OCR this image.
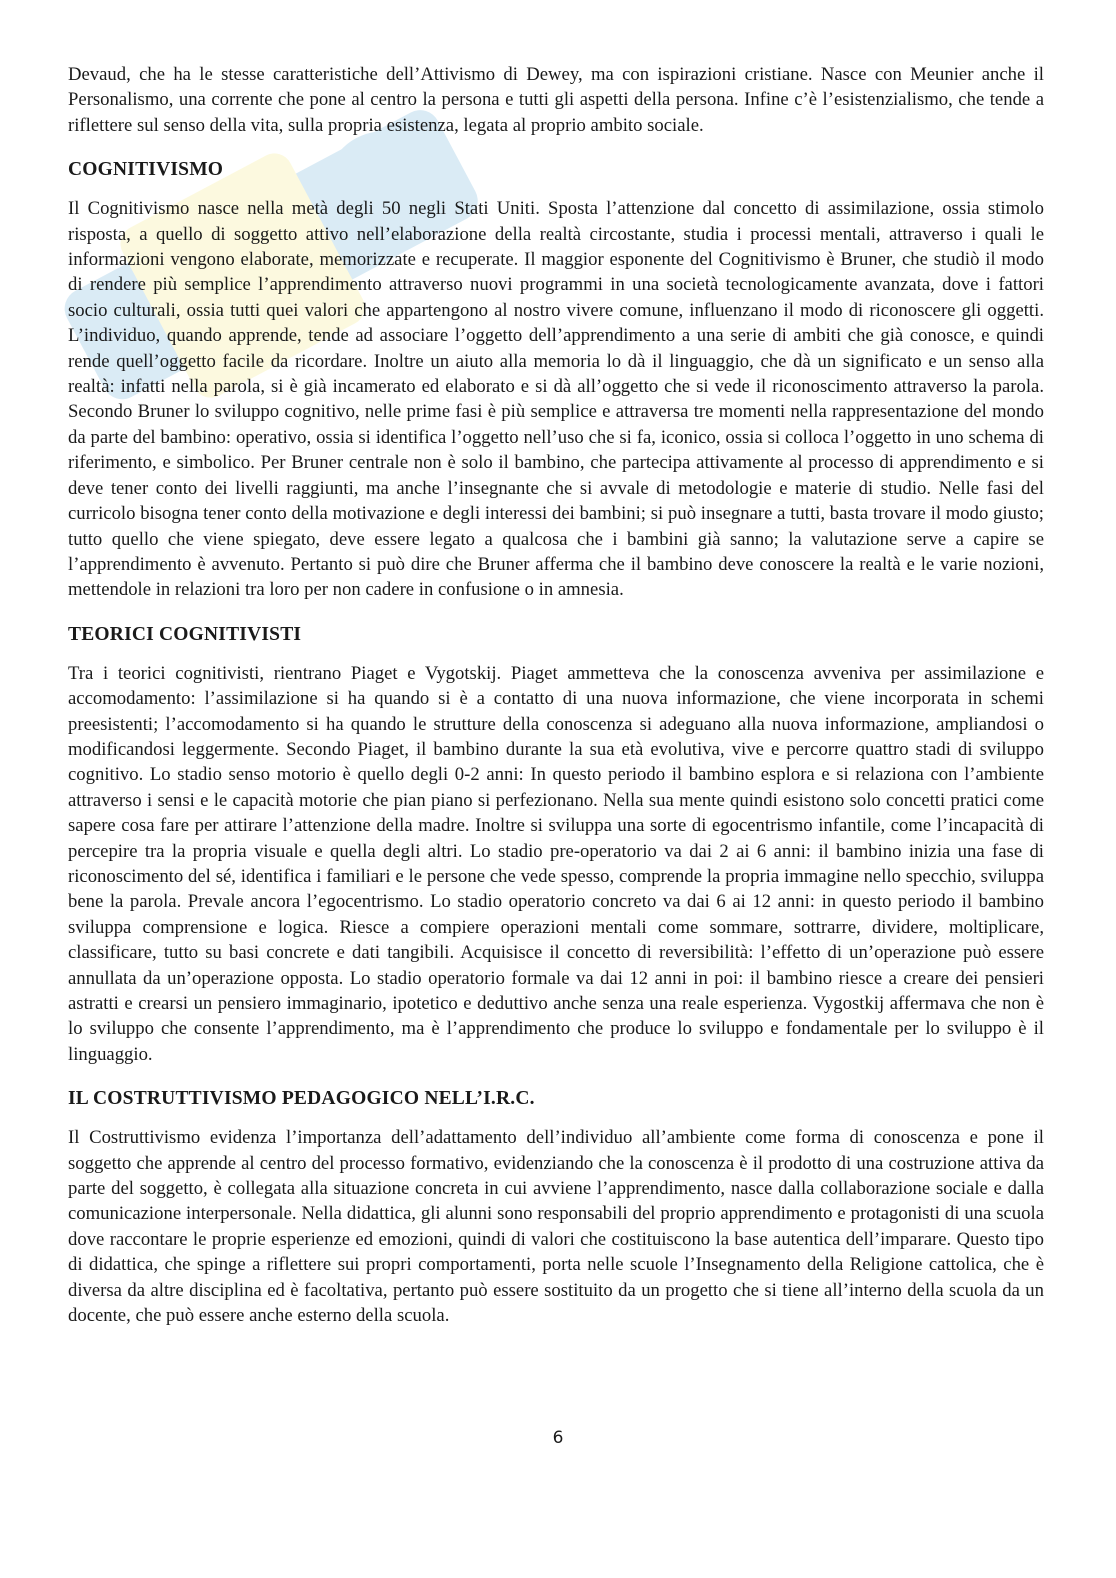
Devaud, che ha le stesse caratteristiche dell’Attivismo di Dewey, ma con ispirazioni cristiane. Nasce con Meunier anche il Personalismo, una corrente che pone al centro la persona e tutti gli aspetti della persona. Infine c’è l’esistenzialismo, che tende a riflettere sul senso della vita, sulla propria esistenza, legata al proprio ambito sociale.

COGNITIVISMO

Il Cognitivismo nasce nella metà degli 50 negli Stati Uniti. Sposta l’attenzione dal concetto di assimilazione, ossia stimolo risposta, a quello di soggetto attivo nell’elaborazione della realtà circostante, studia i processi mentali, attraverso i quali le informazioni vengono elaborate, memorizzate e recuperate. Il maggior esponente del Cognitivismo è Bruner, che studiò il modo di rendere più semplice l’apprendimento attraverso nuovi programmi in una società tecnologicamente avanzata, dove i fattori socio culturali, ossia tutti quei valori che appartengono al nostro vivere comune, influenzano il modo di riconoscere gli oggetti. L’individuo, quando apprende, tende ad associare l’oggetto dell’apprendimento a una serie di ambiti che già conosce, e quindi rende quell’oggetto facile da ricordare. Inoltre un aiuto alla memoria lo dà il linguaggio, che dà un significato e un senso alla realtà: infatti nella parola, si è già incamerato ed elaborato e si dà all’oggetto che si vede il riconoscimento attraverso la parola. Secondo Bruner lo sviluppo cognitivo, nelle prime fasi è più semplice e attraversa tre momenti nella rappresentazione del mondo da parte del bambino: operativo, ossia si identifica l’oggetto nell’uso che si fa, iconico, ossia si colloca l’oggetto in uno schema di riferimento, e simbolico. Per Bruner centrale non è solo il bambino, che partecipa attivamente al processo di apprendimento e si deve tener conto dei livelli raggiunti, ma anche l’insegnante che si avvale di metodologie e materie di studio. Nelle fasi del curricolo bisogna tener conto della motivazione e degli interessi dei bambini; si può insegnare a tutti, basta trovare il modo giusto; tutto quello che viene spiegato, deve essere legato a qualcosa che i bambini già sanno; la valutazione serve a capire se l’apprendimento è avvenuto. Pertanto si può dire che Bruner afferma che il bambino deve conoscere la realtà e le varie nozioni, mettendole in relazioni tra loro per non cadere in confusione o in amnesia.

TEORICI COGNITIVISTI

Tra i teorici cognitivisti, rientrano Piaget e Vygotskij. Piaget ammetteva che la conoscenza avveniva per assimilazione e accomodamento: l’assimilazione si ha quando si è a contatto di una nuova informazione, che viene incorporata in schemi preesistenti; l’accomodamento si ha quando le strutture della conoscenza si adeguano alla nuova informazione, ampliandosi o modificandosi leggermente. Secondo Piaget, il bambino durante la sua età evolutiva, vive e percorre quattro stadi di sviluppo cognitivo. Lo stadio senso motorio è quello degli 0-2 anni: In questo periodo il bambino esplora e si relaziona con l’ambiente attraverso i sensi e le capacità motorie che pian piano si perfezionano. Nella sua mente quindi esistono solo concetti pratici come sapere cosa fare per attirare l’attenzione della madre. Inoltre si sviluppa una sorte di egocentrismo infantile, come l’incapacità di percepire tra la propria visuale e quella degli altri. Lo stadio pre-operatorio va dai 2 ai 6 anni: il bambino inizia una fase di riconoscimento del sé, identifica i familiari e le persone che vede spesso, comprende la propria immagine nello specchio, sviluppa bene la parola. Prevale ancora l’egocentrismo. Lo stadio operatorio concreto va dai 6 ai 12 anni: in questo periodo il bambino sviluppa comprensione e logica. Riesce a compiere operazioni mentali come sommare, sottrarre, dividere, moltiplicare, classificare, tutto su basi concrete e dati tangibili. Acquisisce il concetto di reversibilità: l’effetto di un’operazione può essere annullata da un’operazione opposta. Lo stadio operatorio formale va dai 12 anni in poi: il bambino riesce a creare dei pensieri astratti e crearsi un pensiero immaginario, ipotetico e deduttivo anche senza una reale esperienza. Vygostkij affermava che non è lo sviluppo che consente l’apprendimento, ma è l’apprendimento che produce lo sviluppo e fondamentale per lo sviluppo è il linguaggio.

IL COSTRUTTIVISMO PEDAGOGICO NELL’I.R.C.

Il Costruttivismo evidenza l’importanza dell’adattamento dell’individuo all’ambiente come forma di conoscenza e pone il soggetto che apprende al centro del processo formativo, evidenziando che la conoscenza è il prodotto di una costruzione attiva da parte del soggetto, è collegata alla situazione concreta in cui avviene l’apprendimento, nasce dalla collaborazione sociale e dalla comunicazione interpersonale. Nella didattica, gli alunni sono responsabili del proprio apprendimento e protagonisti di una scuola dove raccontare le proprie esperienze ed emozioni, quindi di valori che costituiscono la base autentica dell’imparare. Questo tipo di didattica, che spinge a riflettere sui propri comportamenti, porta nelle scuole l’Insegnamento della Religione cattolica, che è diversa da altre disciplina ed è facoltativa, pertanto può essere sostituito da un progetto che si tiene all’interno della scuola da un docente, che può essere anche esterno della scuola.

6
